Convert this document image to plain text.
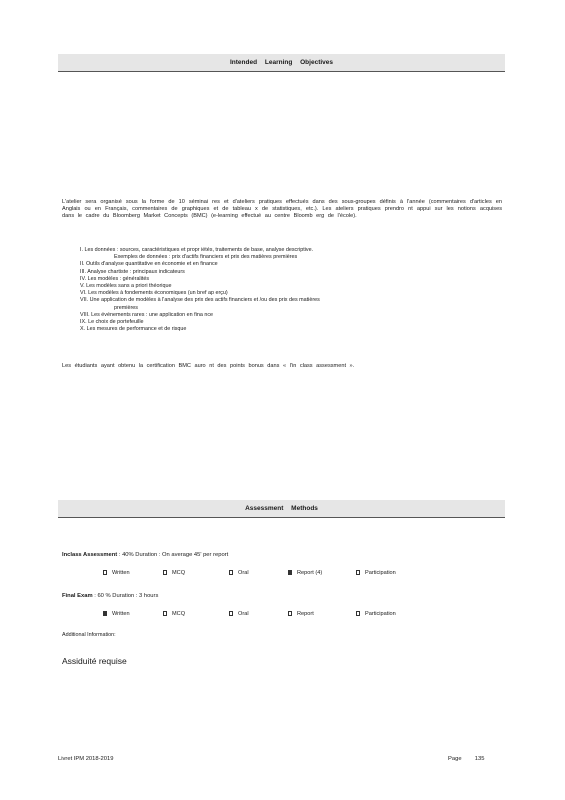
Intended Learning Objectives
L'atelier sera organisé sous la forme de 10 séminai res et d'ateliers pratiques effectués dans des sous-groupes définis à l'année (commentaires d'articles en Anglais ou en Français, commentaires de graphiques et de tableau x de statistiques, etc.). Les ateliers pratiques prendro nt appui sur les notions acquises dans le cadre du Bloomberg Market Concepts (BMC) (e-learning effectué au centre Bloomb erg de l'école).
I. Les données : sources, caractéristiques et propr iétés, traitements de base, analyse descriptive.
Exemples de données : prix d'actifs financiers et prix des matières premières
II. Outils d'analyse quantitative en économie et en finance
III. Analyse chartiste : principaux indicateurs
IV. Les modèles : généralités
V. Les modèles sans a priori théorique
VI. Les modèles à fondements économiques (un bref ap erçu)
VII. Une application de modèles à l'analyse des prix des actifs financiers et /ou des prix des matières
premières
VIII. Les événements rares : une application en fina nce
IX. Le choix de portefeuille
X. Les mesures de performance et de risque
Les étudiants ayant obtenu la certification BMC auro nt des points bonus dans « l'in class assessment ».
Assessment Methods
Inclass Assessment : 40% Duration : On average 45' per report
Written	MCQ	Oral	Report (4)	Participation
Final Exam : 60 % Duration : 3 hours
Written	MCQ	Oral	Report	Participation
Additional Information:
Assiduité requise
Livret IPM 2018-2019	Page 135
